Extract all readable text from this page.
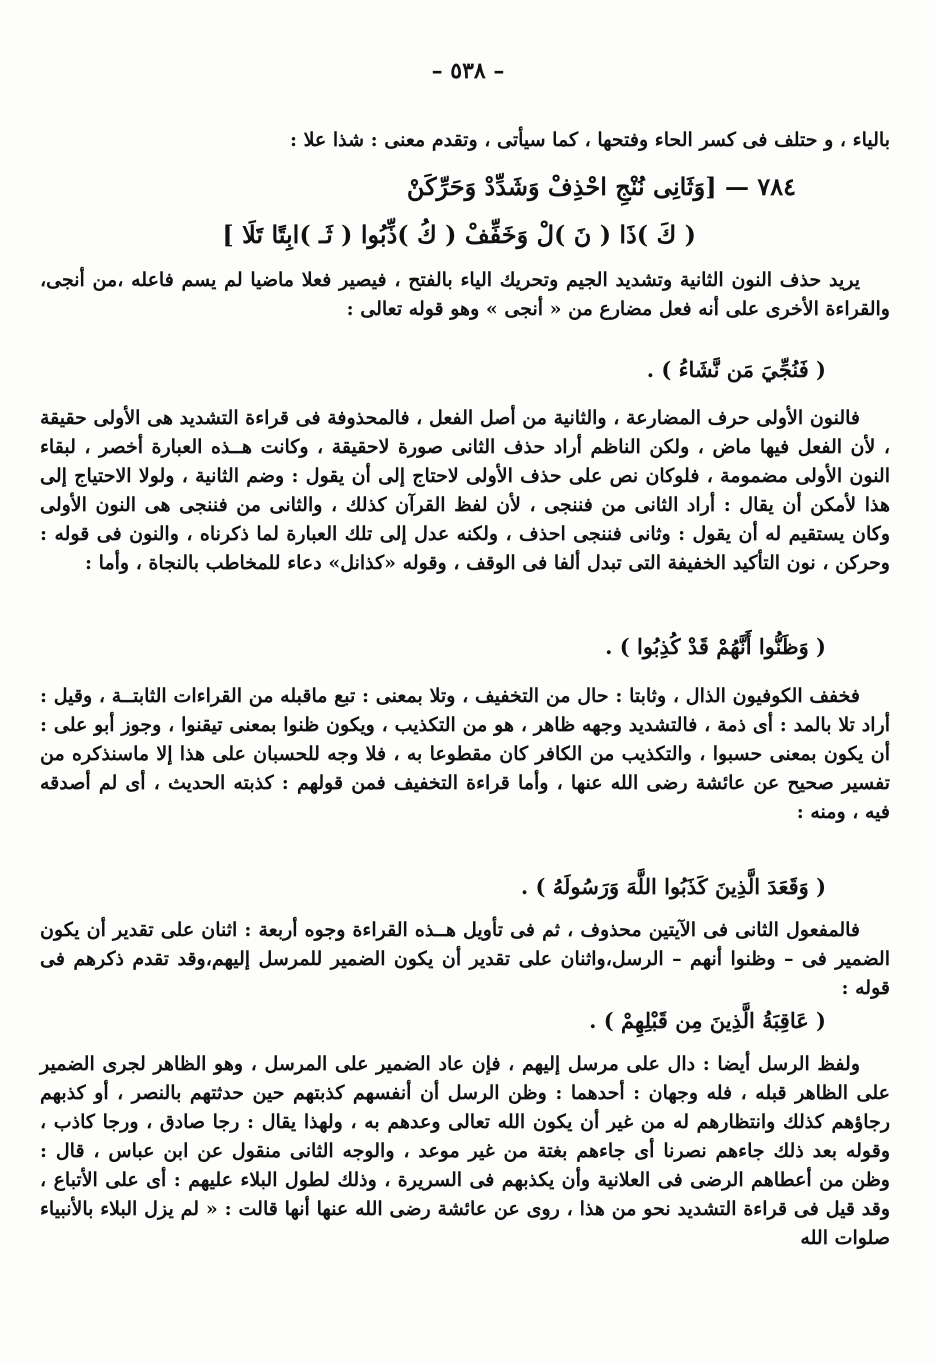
– ٥٣٨ –

بالياء ، و حتلف فى كسر الحاء وفتحها ، كما سيأتى ، وتقدم معنى : شذا علا :

٧٨٤ — [وَثَانِى نُنْجِ احْذِفْ وَشَدِّدْ وَحَرِّكَنْ
( كَ )ذَا ( نَ )لْ وَخَفِّفْ ( كُ )ذِّبُوا ( ثَـ )ابِتًا تَلَا ]

يريد حذف النون الثانية وتشديد الجيم وتحريك الياء بالفتح ، فيصير فعلا ماضيا لم يسم فاعله ،من أنجى، والقراءة الأخرى على أنه فعل مضارع من « أنجى » وهو قوله تعالى :

( فَنُجِّيَ مَن نَّشَاءُ ) .

فالنون الأولى حرف المضارعة ، والثانية من أصل الفعل ، فالمحذوفة فى قراءة التشديد هى الأولى حقيقة ، لأن الفعل فيها ماض ، ولكن الناظم أراد حذف الثانى صورة لاحقيقة ، وكانت هــذه العبارة أخصر ، لبقاء النون الأولى مضمومة ، فلوكان نص على حذف الأولى لاحتاج إلى أن يقول : وضم الثانية ، ولولا الاحتياج إلى هذا لأمكن أن يقال : أراد الثانى من فننجى ، لأن لفظ القرآن كذلك ، والثانى من فننجى هى النون الأولى وكان يستقيم له أن يقول : وثانى فننجى احذف ، ولكنه عدل إلى تلك العبارة لما ذكرناه ، والنون فى قوله : وحركن ، نون التأكيد الخفيفة التى تبدل ألفا فى الوقف ، وقوله «كذانل» دعاء للمخاطب بالنجاة ، وأما :

( وَظَنُّوا أَنَّهُمْ قَدْ كُذِبُوا ) .

فخفف الكوفيون الذال ، وثابتا : حال من التخفيف ، وتلا بمعنى : تبع ماقبله من القراءات الثابتــة ، وقيل : أراد تلا بالمد : أى ذمة ، فالتشديد وجهه ظاهر ، هو من التكذيب ، ويكون ظنوا بمعنى تيقنوا ، وجوز أبو على : أن يكون بمعنى حسبوا ، والتكذيب من الكافر كان مقطوعا به ، فلا وجه للحسبان على هذا إلا ماسنذكره من تفسير صحيح عن عائشة رضى الله عنها ، وأما قراءة التخفيف فمن قولهم : كذبته الحديث ، أى لم أصدقه فيه ، ومنه :

( وَقَعَدَ الَّذِينَ كَذَبُوا اللَّهَ وَرَسُولَهُ ) .

فالمفعول الثانى فى الآيتين محذوف ، ثم فى تأويل هــذه القراءة وجوه أربعة : اثنان على تقدير أن يكون الضمير فى – وظنوا أنهم – الرسل،واثنان على تقدير أن يكون الضمير للمرسل إليهم،وقد تقدم ذكرهم فى قوله :

( عَاقِبَةُ الَّذِينَ مِن قَبْلِهِمْ ) .

ولفظ الرسل أيضا : دال على مرسل إليهم ، فإن عاد الضمير على المرسل ، وهو الظاهر لجرى الضمير على الظاهر قبله ، فله وجهان : أحدهما : وظن الرسل أن أنفسهم كذبتهم حين حدثتهم بالنصر ، أو كذبهم رجاؤهم كذلك وانتظارهم له من غير أن يكون الله تعالى وعدهم به ، ولهذا يقال : رجا صادق ، ورجا كاذب ، وقوله بعد ذلك جاءهم نصرنا أى جاءهم بغتة من غير موعد ، والوجه الثانى منقول عن ابن عباس ، قال : وظن من أعطاهم الرضى فى العلانية وأن يكذبهم فى السريرة ، وذلك لطول البلاء عليهم : أى على الأتباع ، وقد قيل فى قراءة التشديد نحو من هذا ، روى عن عائشة رضى الله عنها أنها قالت : « لم يزل البلاء بالأنبياء صلوات الله
